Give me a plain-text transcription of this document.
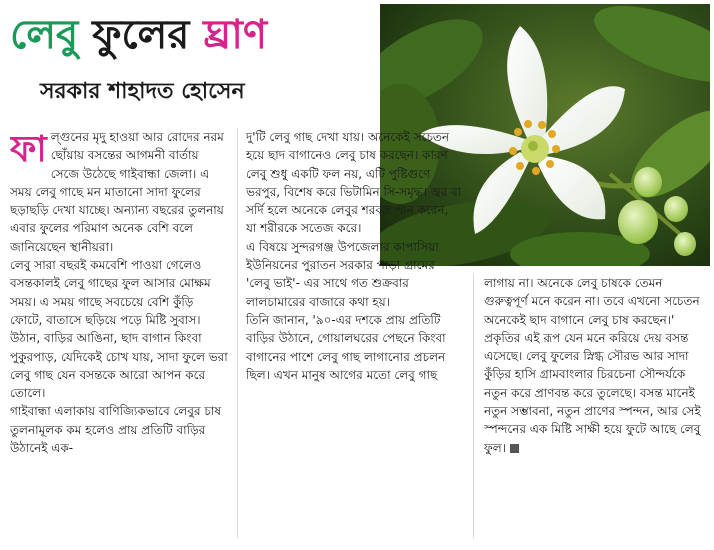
লেবু ফুলের ঘ্রাণ
সরকার শাহাদত হোসেন

ফাল্গুনের মৃদু হাওয়া আর রোদের নরম ছোঁয়ায় বসন্তের আগমনী বার্তায় সেজে উঠেছে গাইবান্ধা জেলা। এ সময় লেবু গাছে মন মাতানো সাদা ফুলের ছড়াছড়ি দেখা যাচ্ছে। অন্যান্য বছরের তুলনায় এবার ফুলের পরিমাণ অনেক বেশি বলে জানিয়েছেন স্থানীয়রা।

লেবু সারা বছরই কমবেশি পাওয়া গেলেও বসন্তকালই লেবু গাছের ফুল আসার মোক্ষম সময়। এ সময় গাছে সবচেয়ে বেশি কুঁড়ি ফোটে, বাতাসে ছড়িয়ে পড়ে মিষ্টি সুবাস। উঠান, বাড়ির আঙিনা, ছাদ বাগান কিংবা পুকুরপাড়, যেদিকেই চোখ যায়, সাদা ফুলে ভরা লেবু গাছ যেন বসন্তকে আরো আপন করে তোলে।

গাইবান্ধা এলাকায় বাণিজ্যিকভাবে লেবুর চাষ তুলনামূলক কম হলেও প্রায় প্রতিটি বাড়ির উঠানেই এক-

দু'টি লেবু গাছ দেখা যায়। অনেকেই সচেতন হয়ে ছাদ বাগানেও লেবু চাষ করছেন। কারণ লেবু শুধু একটি ফল নয়, এটি পুষ্টিগুণে ভরপুর, বিশেষ করে ভিটামিন সি-সমৃদ্ধ। জ্বর বা সর্দি হলে অনেকে লেবুর শরবত পান করেন, যা শরীরকে সতেজ করে।

এ বিষয়ে সুন্দরগঞ্জ উপজেলার কাপাসিয়া ইউনিয়নের পুরাতন সরকার পাড়া গ্রামের 'লেবু ভাই'- এর সাথে গত শুক্রবার লালচামারের বাজারে কথা হয়।

তিনি জানান, '৯০-এর দশকে প্রায় প্রতিটি বাড়ির উঠানে, গোয়ালঘরের পেছনে কিংবা বাগানের পাশে লেবু গাছ লাগানোর প্রচলন ছিল। এখন মানুষ আগের মতো লেবু গাছ

লাগায় না। অনেকে লেবু চাষকে তেমন গুরুত্বপূর্ণ মনে করেন না। তবে এখনো সচেতন অনেকেই ছাদ বাগানে লেবু চাষ করছেন।'

প্রকৃতির এই রূপ যেন মনে করিয়ে দেয় বসন্ত এসেছে। লেবু ফুলের স্নিগ্ধ সৌরভ আর সাদা কুঁড়ির হাসি গ্রামবাংলার চিরচেনা সৌন্দর্যকে নতুন করে প্রাণবন্ত করে তুলেছে। বসন্ত মানেই নতুন সম্ভাবনা, নতুন প্রাণের স্পন্দন, আর সেই স্পন্দনের এক মিষ্টি সাক্ষী হয়ে ফুটে আছে লেবু ফুল।
